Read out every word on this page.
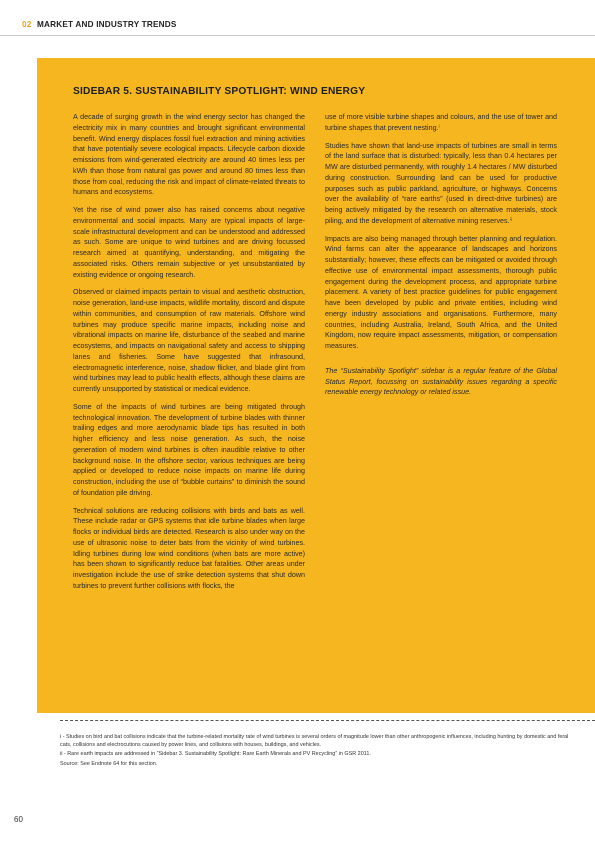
02 MARKET AND INDUSTRY TRENDS
SIDEBAR 5. SUSTAINABILITY SPOTLIGHT: WIND ENERGY

A decade of surging growth in the wind energy sector has changed the electricity mix in many countries and brought significant environmental benefit. Wind energy displaces fossil fuel extraction and mining activities that have potentially severe ecological impacts. Lifecycle carbon dioxide emissions from wind-generated electricity are around 40 times less per kWh than those from natural gas power and around 80 times less than those from coal, reducing the risk and impact of climate-related threats to humans and ecosystems.

Yet the rise of wind power also has raised concerns about negative environmental and social impacts. Many are typical impacts of large-scale infrastructural development and can be understood and addressed as such. Some are unique to wind turbines and are driving focussed research aimed at quantifying, understanding, and mitigating the associated risks. Others remain subjective or yet unsubstantiated by existing evidence or ongoing research.

Observed or claimed impacts pertain to visual and aesthetic obstruction, noise generation, land-use impacts, wildlife mortality, discord and dispute within communities, and consumption of raw materials. Offshore wind turbines may produce specific marine impacts, including noise and vibrational impacts on marine life, disturbance of the seabed and marine ecosystems, and impacts on navigational safety and access to shipping lanes and fisheries. Some have suggested that infrasound, electromagnetic interference, noise, shadow flicker, and blade glint from wind turbines may lead to public health effects, although these claims are currently unsupported by statistical or medical evidence.

Some of the impacts of wind turbines are being mitigated through technological innovation. The development of turbine blades with thinner trailing edges and more aerodynamic blade tips has resulted in both higher efficiency and less noise generation. As such, the noise generation of modern wind turbines is often inaudible relative to other background noise. In the offshore sector, various techniques are being applied or developed to reduce noise impacts on marine life during construction, including the use of “bubble curtains” to diminish the sound of foundation pile driving.

Technical solutions are reducing collisions with birds and bats as well. These include radar or GPS systems that idle turbine blades when large flocks or individual birds are detected. Research is also under way on the use of ultrasonic noise to deter bats from the vicinity of wind turbines. Idling turbines during low wind conditions (when bats are more active) has been shown to significantly reduce bat fatalities. Other areas under investigation include the use of strike detection systems that shut down turbines to prevent further collisions with flocks, the

use of more visible turbine shapes and colours, and the use of tower and turbine shapes that prevent nesting.ⁱ

Studies have shown that land-use impacts of turbines are small in terms of the land surface that is disturbed: typically, less than 0.4 hectares per MW are disturbed permanently, with roughly 1.4 hectares / MW disturbed during construction. Surrounding land can be used for productive purposes such as public parkland, agriculture, or highways. Concerns over the availability of “rare earths” (used in direct-drive turbines) are being actively mitigated by the research on alternative materials, stock piling, and the development of alternative mining reserves.ⁱⁱ

Impacts are also being managed through better planning and regulation. Wind farms can alter the appearance of landscapes and horizons substantially; however, these effects can be mitigated or avoided through effective use of environmental impact assessments, thorough public engagement during the development process, and appropriate turbine placement. A variety of best practice guidelines for public engagement have been developed by public and private entities, including wind energy industry associations and organisations. Furthermore, many countries, including Australia, Ireland, South Africa, and the United Kingdom, now require impact assessments, mitigation, or compensation measures.

The “Sustainability Spotlight” sidebar is a regular feature of the Global Status Report, focussing on sustainability issues regarding a specific renewable energy technology or related issue.

i - Studies on bird and bat collisions indicate that the turbine-related mortality rate of wind turbines is several orders of magnitude lower than other anthropogenic influences, including hunting by domestic and feral cats, collisions and electrocutions caused by power lines, and collisions with houses, buildings, and vehicles.

ii - Rare earth impacts are addressed in “Sidebar 3. Sustainability Spotlight: Rare Earth Minerals and PV Recycling” in GSR 2011.

Source: See Endnote 64 for this section.

60
